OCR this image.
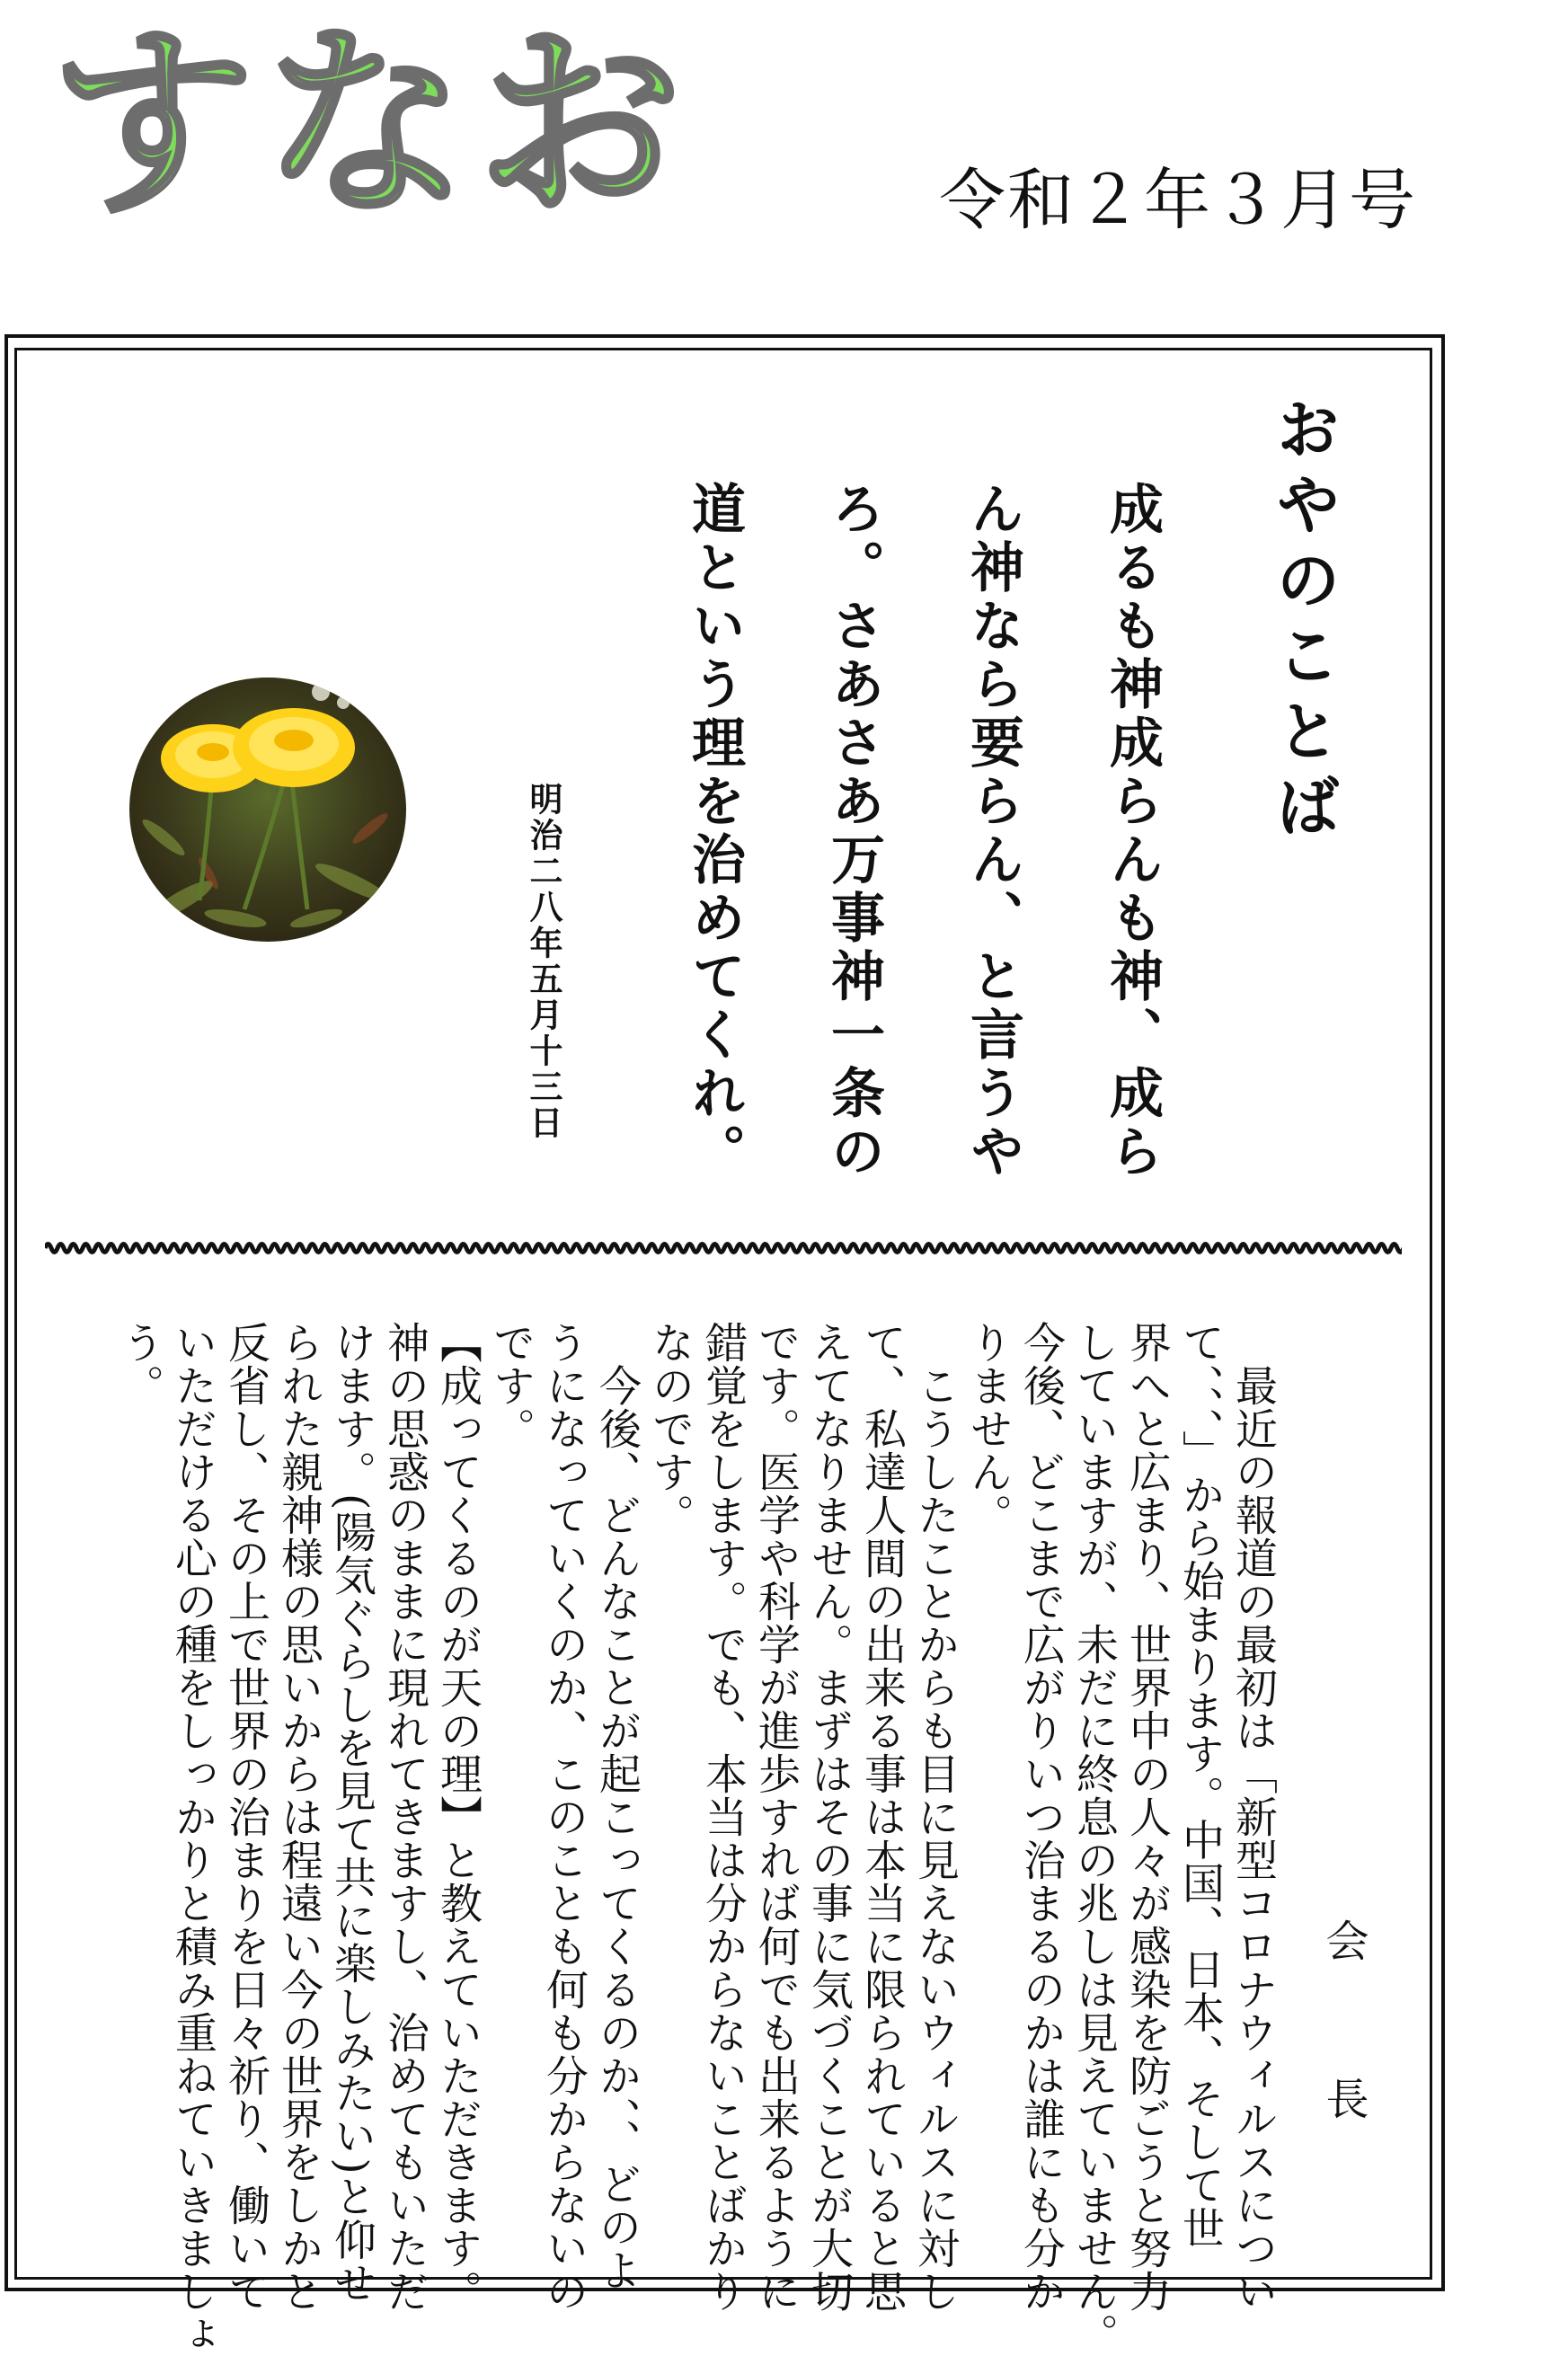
すなお	令和２年３月号
おやのことば
成るも神成らんも神、成ら
ん神なら要らん、と言うや
ろ。さあさあ万事神一条の
道という理を治めてくれ。
明治二八年五月十三日
会　長
　最近の報道の最初は「新型コロナウィルスについ
て、、、」から始まります。中国、日本、そして世
界へと広まり、世界中の人々が感染を防ごうと努力
していますが、未だに終息の兆しは見えていません。
今後、どこまで広がりいつ治まるのかは誰にも分か
りません。
　こうしたことからも目に見えないウィルスに対し
て、私達人間の出来る事は本当に限られていると思
えてなりません。まずはその事に気づくことが大切
です。医学や科学が進歩すれば何でも出来るように
錯覚をします。でも、本当は分からないことばかり
なのです。
　今後、どんなことが起こってくるのか、、どのよ
うになっていくのか、このことも何も分からないの
です。
【成ってくるのが天の理】と教えていただきます。
神の思惑のままに現れてきますし、治めてもいただ
けます。(陽気ぐらしを見て共に楽しみたい)と仰せ
られた親神様の思いからは程遠い今の世界をしかと
反省し、その上で世界の治まりを日々祈り、働いて
いただける心の種をしっかりと積み重ねていきましょ
う。
